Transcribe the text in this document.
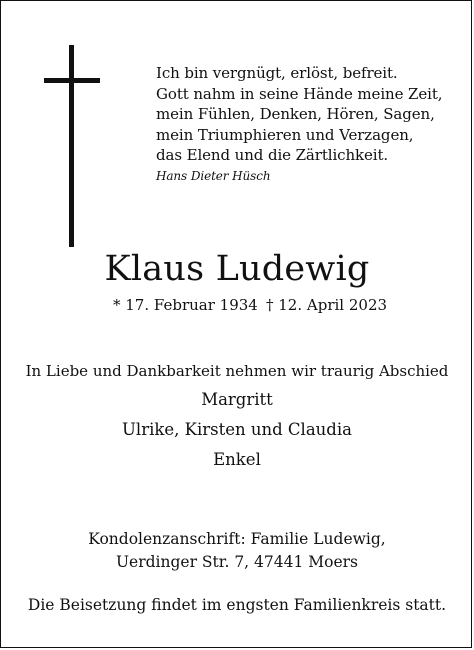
Ich bin vergnügt, erlöst, befreit.
Gott nahm in seine Hände meine Zeit,
mein Fühlen, Denken, Hören, Sagen,
mein Triumphieren und Verzagen,
das Elend und die Zärtlichkeit.
Hans Dieter Hüsch
Klaus Ludewig
* 17. Februar 1934 † 12. April 2023
In Liebe und Dankbarkeit nehmen wir traurig Abschied
Margritt
Ulrike, Kirsten und Claudia
Enkel
Kondolenzanschrift: Familie Ludewig,
Uerdinger Str. 7, 47441 Moers
Die Beisetzung findet im engsten Familienkreis statt.
